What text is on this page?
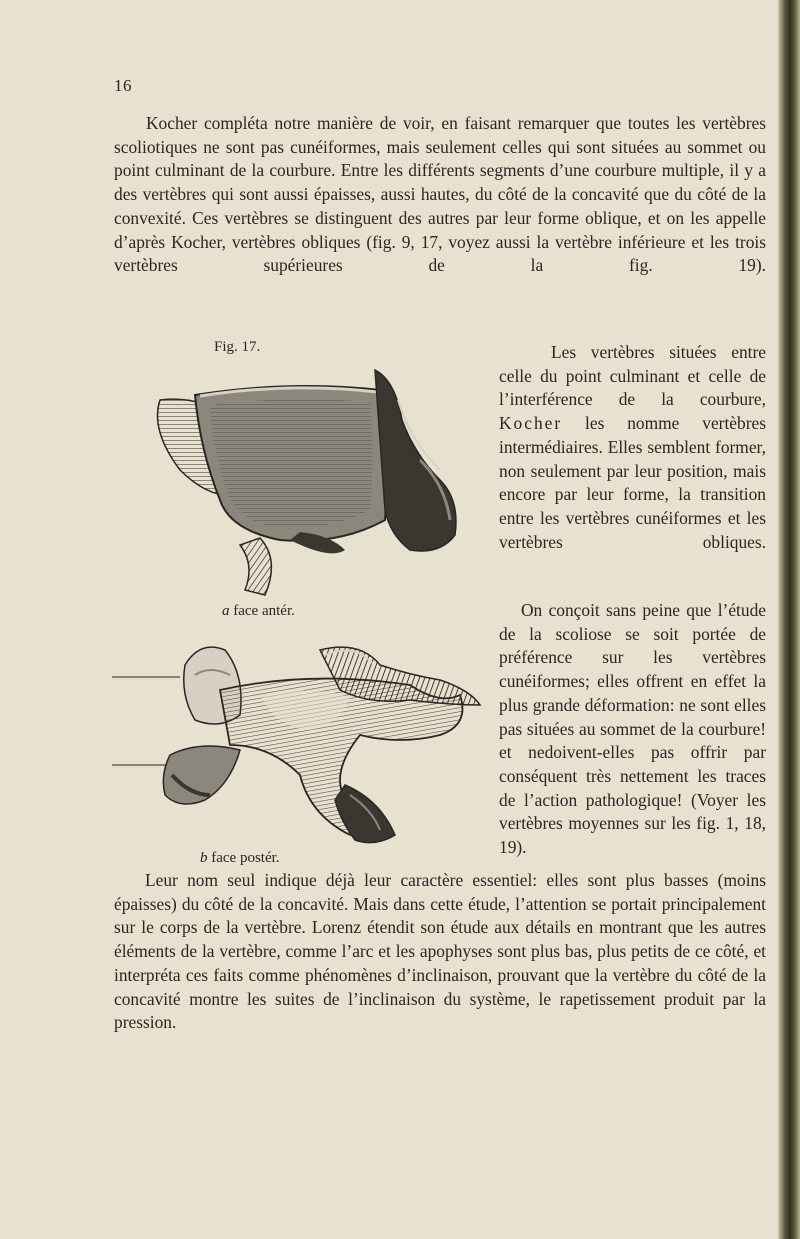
16

Kocher compléta notre manière de voir, en faisant remarquer que toutes les vertèbres scoliotiques ne sont pas cunéiformes, mais seulement celles qui sont situées au sommet ou point culminant de la courbure. Entre les différents segments d’une courbure multiple, il y a des vertèbres qui sont aussi épaisses, aussi hautes, du côté de la concavité que du côté de la convexité. Ces vertèbres se distinguent des autres par leur forme oblique, et on les appelle d’après Kocher, vertèbres obliques (fig. 9, 17, voyez aussi la vertèbre inférieure et les trois vertèbres supérieures de la fig. 19).

Fig. 17.
a face antér.
b face postér.

Les vertèbres situées entre celle du point culminant et celle de l’interférence de la courbure, Kocher les nomme vertèbres intermédiaires. Elles semblent former, non seulement par leur position, mais encore par leur forme, la transition entre les vertèbres cunéiformes et les vertèbres obliques.

On conçoit sans peine que l’étude de la scoliose se soit portée de préférence sur les vertèbres cunéiformes; elles offrent en effet la plus grande déformation: ne sont elles pas situées au sommet de la courbure! et nedoivent-elles pas offrir par conséquent très nettement les traces de l’action pathologique! (Voyer les vertèbres moyennes sur les fig. 1, 18, 19).

Leur nom seul indique déjà leur caractère essentiel: elles sont plus basses (moins épaisses) du côté de la concavité. Mais dans cette étude, l’attention se portait principalement sur le corps de la vertèbre. Lorenz étendit son étude aux détails en montrant que les autres éléments de la vertèbre, comme l’arc et les apophyses sont plus bas, plus petits de ce côté, et interpréta ces faits comme phénomènes d’inclinaison, prouvant que la vertèbre du côté de la concavité montre les suites de l’inclinaison du système, le rapetissement produit par la pression.
